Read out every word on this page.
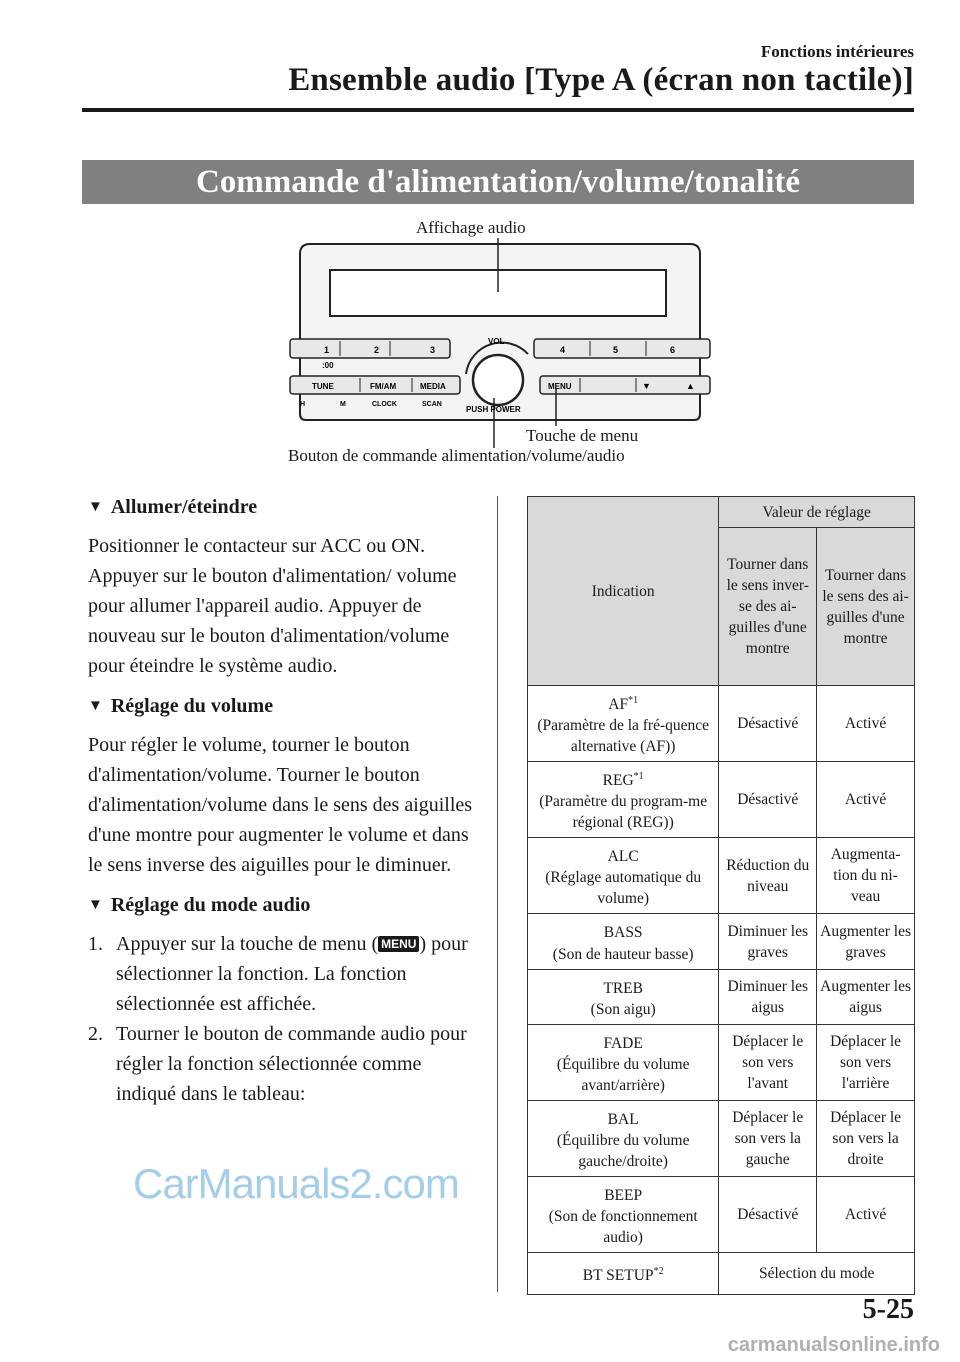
Fonctions intérieures
Ensemble audio [Type A (écran non tactile)]
Commande d'alimentation/volume/tonalité
1	2	3	4	5	6
:00
TUNE	FM/AM	MEDIA
H	M	CLOCK	SCAN
VOL
PUSH POWER
MENU	▼	▲
Affichage audio
Touche de menu
Bouton de commande alimentation/volume/audio
▼ Allumer/éteindre

Positionner le contacteur sur ACC ou ON. Appuyer sur le bouton d'alimentation/ volume pour allumer l'appareil audio. Appuyer de nouveau sur le bouton d'alimentation/volume pour éteindre le système audio.

▼ Réglage du volume

Pour régler le volume, tourner le bouton d'alimentation/volume. Tourner le bouton d'alimentation/volume dans le sens des aiguilles d'une montre pour augmenter le volume et dans le sens inverse des aiguilles pour le diminuer.

▼ Réglage du mode audio
1. Appuyer sur la touche de menu ( MENU ) pour sélectionner la fonction. La fonction sélectionnée est affichée.
2. Tourner le bouton de commande audio pour régler la fonction sélectionnée comme indiqué dans le tableau:
Indication	Valeur de réglage	
	Tourner dans le sens inver-se des ai-guilles d'une montre	Tourner dans le sens des ai-guilles d'une montre
AF$^{*1}$
(Paramètre de la fré-quence alternative (AF))	Désactivé	Activé
REG$^{*1}$
(Paramètre du program-me régional (REG))	Désactivé	Activé
ALC
(Réglage automatique du volume)	Réduction du niveau	Augmenta-tion du ni-veau
BASS
(Son de hauteur basse)	Diminuer les graves	Augmenter les graves
TREB
(Son aigu)	Diminuer les aigus	Augmenter les aigus
FADE
(Équilibre du volume avant/arrière)	Déplacer le son vers l'avant	Déplacer le son vers l'arrière
BAL
(Équilibre du volume gauche/droite)	Déplacer le son vers la gauche	Déplacer le son vers la droite
BEEP
(Son de fonctionnement audio)	Désactivé	Activé
BT SETUP$^{*2}$	Sélection du mode	
CarManuals2.com
5-25
carmanualsonline.info
